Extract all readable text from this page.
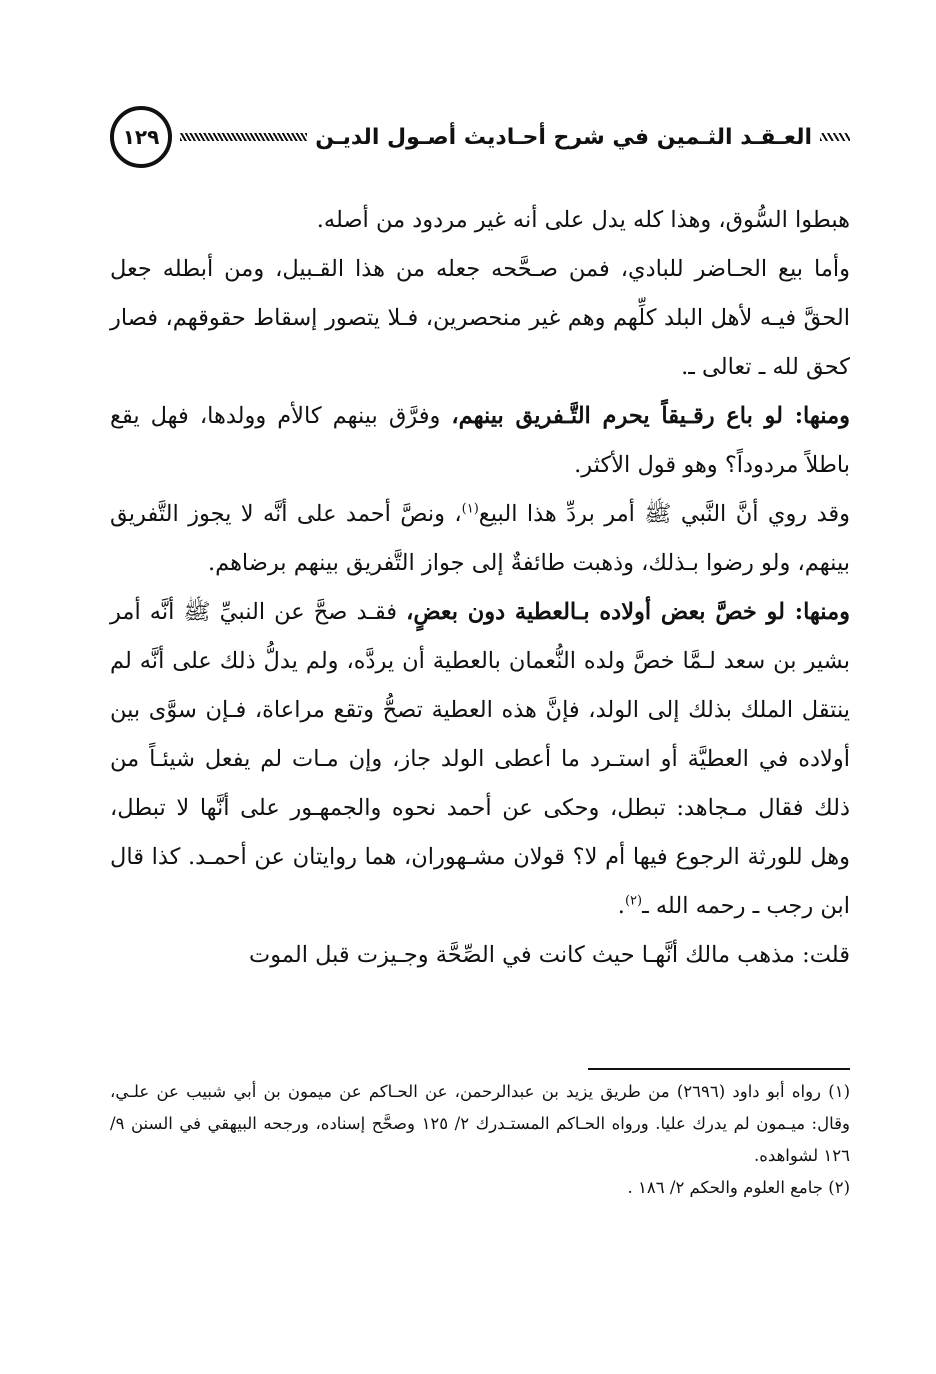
العـقـد الثـمين في شرح أحـاديث أصـول الديـن
١٢٩

هبطوا السُّوق، وهذا كله يدل على أنه غير مردود من أصله.

وأما بيع الحـاضر للبادي، فمن صـحَّحه جعله من هذا القـبيل، ومن أبطله جعل الحقَّ فيـه لأهل البلد كلِّهم وهم غير منحصرين، فـلا يتصور إسقاط حقوقهم، فصار كحق لله ـ تعالى ـ.

ومنها: لو باع رقـيقاً يحرم التَّـفريق بينهم، وفرَّق بينهم كالأم وولدها، فهل يقع باطلاً مردوداً؟ وهو قول الأكثر.

وقد روي أنَّ النَّبي ﷺ أمر بردِّ هذا البيع$^{(١)}$، ونصَّ أحمد على أنَّه لا يجوز التَّفريق بينهم، ولو رضوا بـذلك، وذهبت طائفةٌ إلى جواز التَّفريق بينهم برضاهم.

ومنها: لو خصَّ بعض أولاده بـالعطية دون بعضٍ، فقـد صحَّ عن النبيِّ ﷺ أنَّه أمر بشير بن سعد لـمَّا خصَّ ولده النُّعمان بالعطية أن يردَّه، ولم يدلُّ ذلك على أنَّه لم ينتقل الملك بذلك إلى الولد، فإنَّ هذه العطية تصحُّ وتقع مراعاة، فـإن سوَّى بين أولاده في العطيَّة أو استـرد ما أعطى الولد جاز، وإن مـات لم يفعل شيئـاً من ذلك فقال مـجاهد: تبطل، وحكى عن أحمد نحوه والجمهـور على أنَّها لا تبطل، وهل للورثة الرجوع فيها أم لا؟ قولان مشـهوران، هما روايتان عن أحمـد. كذا قال ابن رجب ـ رحمه الله ـ$^{(٢)}$.

قلت: مذهب مالك أنَّهـا حيث كانت في الصِّحَّة وجـيزت قبل الموت

(١) رواه أبو داود (٢٦٩٦) من طريق يزيد بن عبدالرحمن، عن الحـاكم عن ميمون بن أبي شبيب عن علـي، وقال: ميـمون لم يدرك عليا. ورواه الحـاكم المستـدرك ٢/ ١٢٥ وصحَّح إسناده، ورجحه البيهقي في السنن ٩/ ١٢٦ لشواهده.

(٢) جامع العلوم والحكم ٢/ ١٨٦ .
